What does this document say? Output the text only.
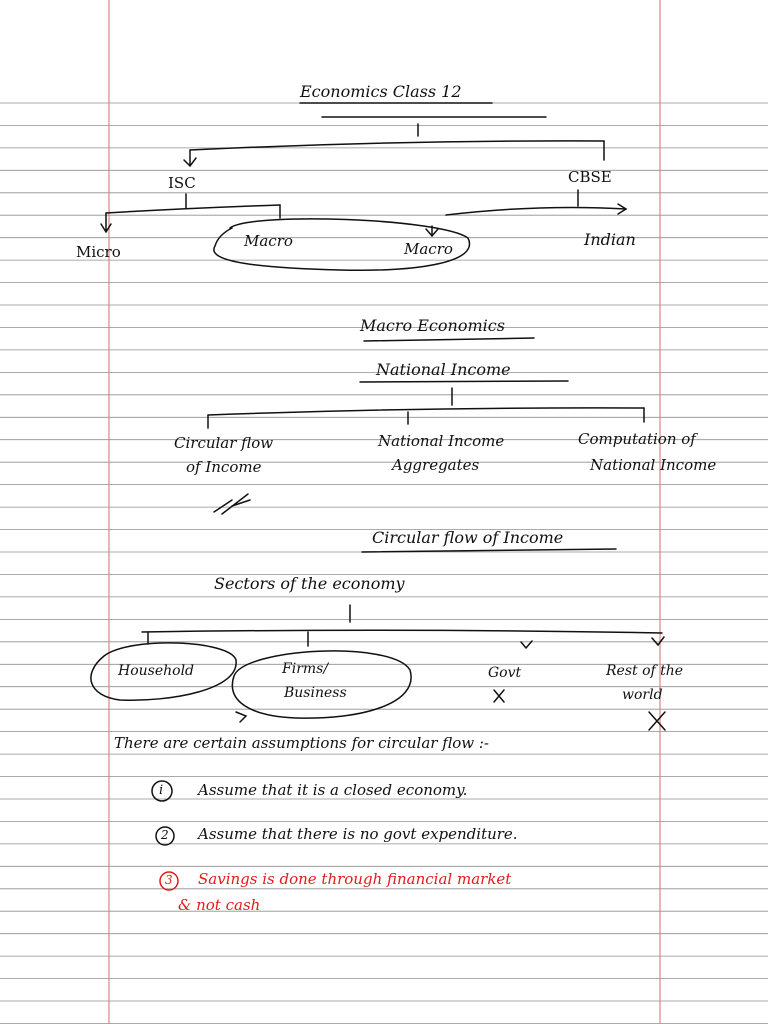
Economics Class 12
ISC	CBSE
Micro
Macro	Macro	Indian
Macro Economics
National Income
Circular flow
of Income
National Income
Aggregates
Computation of
National Income
Circular flow of Income
Sectors of the economy
Household	Firms/
Business
Govt	Rest of the
world
There are certain assumptions for circular flow :-
i Assume that it is a closed economy.
2 Assume that there is no govt expenditure.
3 Savings is done through financial market
& not cash
